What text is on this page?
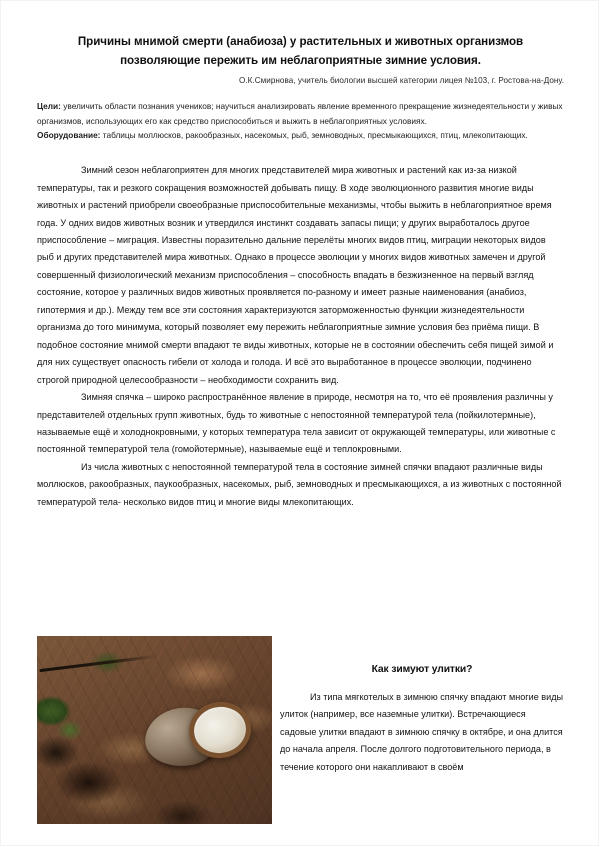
Причины мнимой смерти (анабиоза) у растительных и животных организмов
позволяющие пережить им неблагоприятные зимние условия.
О.К.Смирнова, учитель биологии высшей категории лицея №103, г. Ростова-на-Дону.

Цели: увеличить области познания учеников; научиться анализировать явление временного прекращение жизнедеятельности у живых организмов, использующих его как средство приспособиться и выжить в неблагоприятных условиях.

Оборудование: таблицы моллюсков, ракообразных, насекомых, рыб, земноводных, пресмыкающихся, птиц, млекопитающих.

Зимний сезон неблагоприятен для многих представителей мира животных и растений как из-за низкой температуры, так и резкого сокращения возможностей добывать пищу. В ходе эволюционного развития многие виды животных и растений приобрели своеобразные приспособительные механизмы, чтобы выжить в неблагоприятное время года. У одних видов животных возник и утвердился инстинкт создавать запасы пищи; у других выработалось другое приспособление – миграция. Известны поразительно дальние перелёты многих видов птиц, миграции некоторых видов рыб и других представителей мира животных. Однако в процессе эволюции у многих видов животных замечен и другой совершенный физиологический механизм приспособления – способность впадать в безжизненное на первый взгляд состояние, которое у различных видов животных проявляется по-разному и имеет разные наименования (анабиоз, гипотермия и др.). Между тем все эти состояния характеризуются заторможенностью функции жизнедеятельности организма до того минимума, который позволяет ему пережить неблагоприятные зимние условия без приёма пищи. В подобное состояние мнимой смерти впадают те виды животных, которые не в состоянии обеспечить себя пищей зимой и для них существует опасность гибели от холода и голода. И всё это выработанное в процессе эволюции, подчинено строгой природной целесообразности – необходимости сохранить вид.

Зимняя спячка – широко распространённое явление в природе, несмотря на то, что её проявления различны у представителей отдельных групп животных, будь то животные с непостоянной температурой тела (пойкилотермные), называемые ещё и холоднокровными, у которых температура тела зависит от окружающей температуры, или животные с постоянной температурой тела (гомойотермные), называемые ещё и теплокровными.

Из числа животных с непостоянной температурой тела в состояние зимней спячки впадают различные виды моллюсков, ракообразных, паукообразных, насекомых, рыб, земноводных и пресмыкающихся, а из животных с постоянной температурой тела- несколько видов птиц и многие виды млекопитающих.

Как зимуют улитки?

Из типа мягкотелых в зимнюю спячку впадают многие виды улиток (например, все наземные улитки). Встречающиеся садовые улитки впадают в зимнюю спячку в октябре, и она длится до начала апреля. После долгого подготовительного периода, в течение которого они накапливают в своём
